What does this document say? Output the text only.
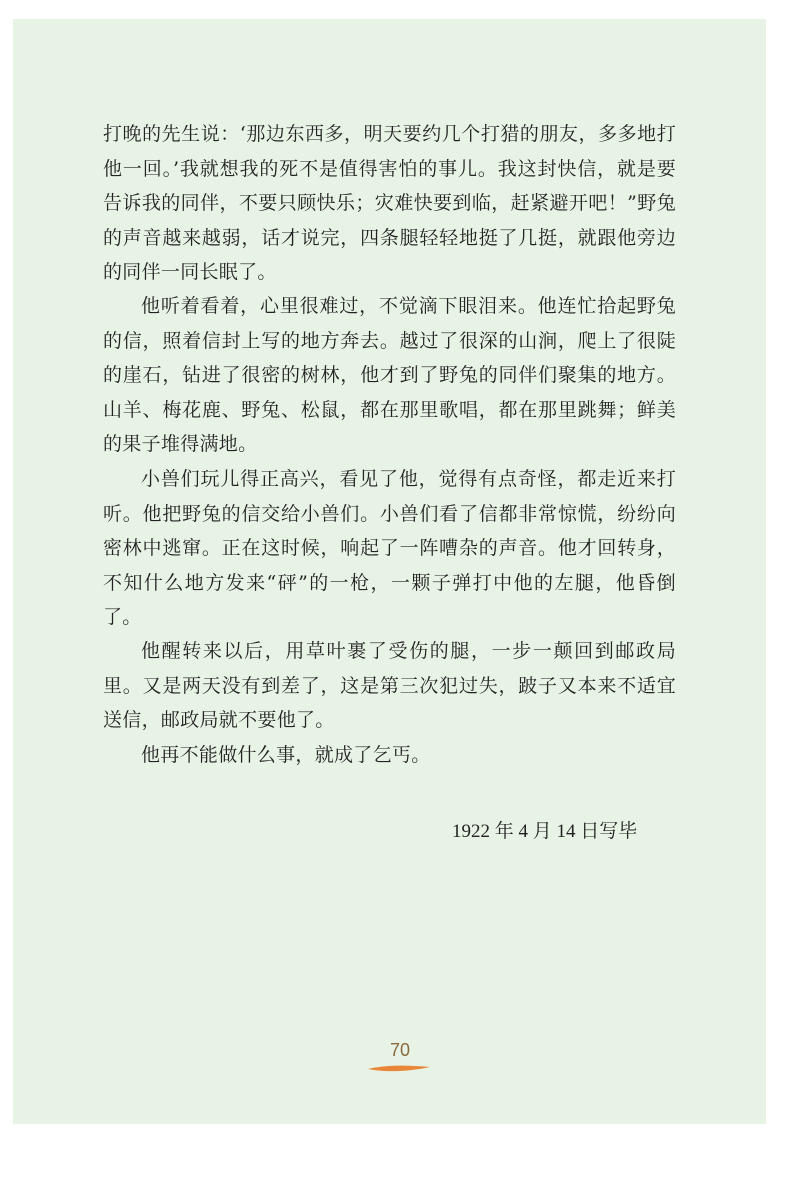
打晚的先生说：‘那边东西多，明天要约几个打猎的朋友，多多地打他一回。’我就想我的死不是值得害怕的事儿。我这封快信，就是要告诉我的同伴，不要只顾快乐；灾难快要到临，赶紧避开吧！”野兔的声音越来越弱，话才说完，四条腿轻轻地挺了几挺，就跟他旁边的同伴一同长眠了。

他听着看着，心里很难过，不觉滴下眼泪来。他连忙拾起野兔的信，照着信封上写的地方奔去。越过了很深的山涧，爬上了很陡的崖石，钻进了很密的树林，他才到了野兔的同伴们聚集的地方。山羊、梅花鹿、野兔、松鼠，都在那里歌唱，都在那里跳舞；鲜美的果子堆得满地。

小兽们玩儿得正高兴，看见了他，觉得有点奇怪，都走近来打听。他把野兔的信交给小兽们。小兽们看了信都非常惊慌，纷纷向密林中逃窜。正在这时候，响起了一阵嘈杂的声音。他才回转身，不知什么地方发来“砰”的一枪，一颗子弹打中他的左腿，他昏倒了。

他醒转来以后，用草叶裹了受伤的腿，一步一颠回到邮政局里。又是两天没有到差了，这是第三次犯过失，跛子又本来不适宜送信，邮政局就不要他了。

他再不能做什么事，就成了乞丐。

1922 年 4 月 14 日写毕
70
